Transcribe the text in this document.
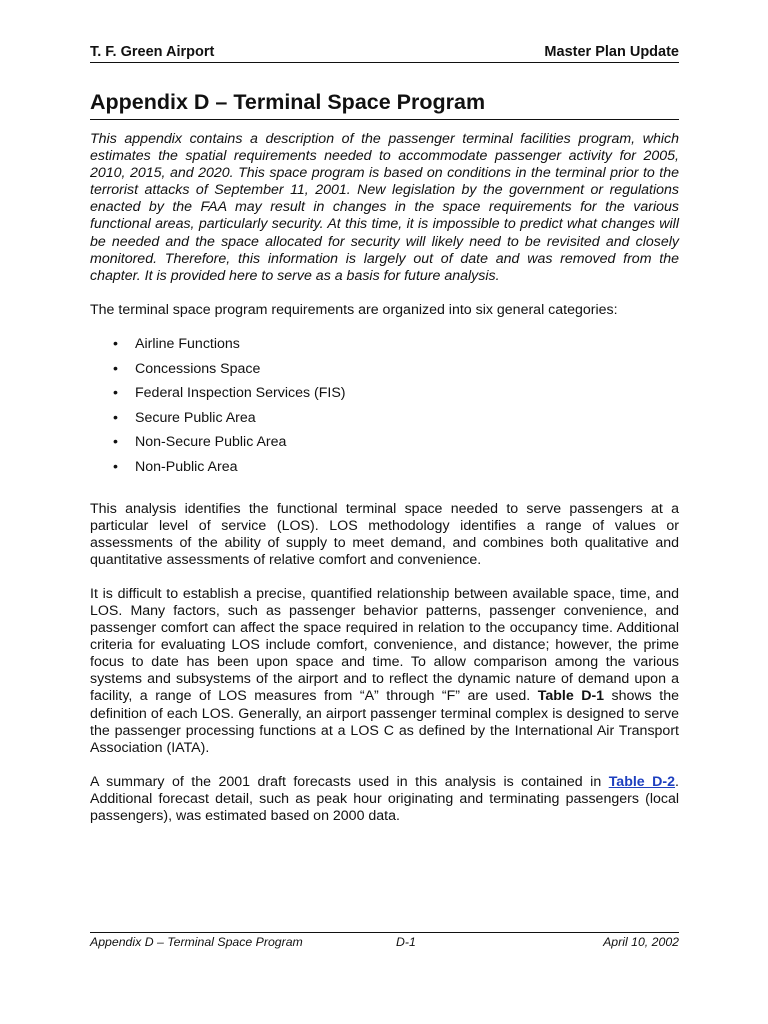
T. F. Green Airport	Master Plan Update
Appendix D – Terminal Space Program

This appendix contains a description of the passenger terminal facilities program, which estimates the spatial requirements needed to accommodate passenger activity for 2005, 2010, 2015, and 2020. This space program is based on conditions in the terminal prior to the terrorist attacks of September 11, 2001. New legislation by the government or regulations enacted by the FAA may result in changes in the space requirements for the various functional areas, particularly security. At this time, it is impossible to predict what changes will be needed and the space allocated for security will likely need to be revisited and closely monitored. Therefore, this information is largely out of date and was removed from the chapter. It is provided here to serve as a basis for future analysis.

The terminal space program requirements are organized into six general categories:

• Airline Functions
• Concessions Space
• Federal Inspection Services (FIS)
• Secure Public Area
• Non-Secure Public Area
• Non-Public Area

This analysis identifies the functional terminal space needed to serve passengers at a particular level of service (LOS). LOS methodology identifies a range of values or assessments of the ability of supply to meet demand, and combines both qualitative and quantitative assessments of relative comfort and convenience.

It is difficult to establish a precise, quantified relationship between available space, time, and LOS. Many factors, such as passenger behavior patterns, passenger convenience, and passenger comfort can affect the space required in relation to the occupancy time. Additional criteria for evaluating LOS include comfort, convenience, and distance; however, the prime focus to date has been upon space and time. To allow comparison among the various systems and subsystems of the airport and to reflect the dynamic nature of demand upon a facility, a range of LOS measures from “A” through “F” are used. Table D-1 shows the definition of each LOS. Generally, an airport passenger terminal complex is designed to serve the passenger processing functions at a LOS C as defined by the International Air Transport Association (IATA).

A summary of the 2001 draft forecasts used in this analysis is contained in Table D-2. Additional forecast detail, such as peak hour originating and terminating passengers (local passengers), was estimated based on 2000 data.

Appendix D – Terminal Space Program	D-1	April 10, 2002
